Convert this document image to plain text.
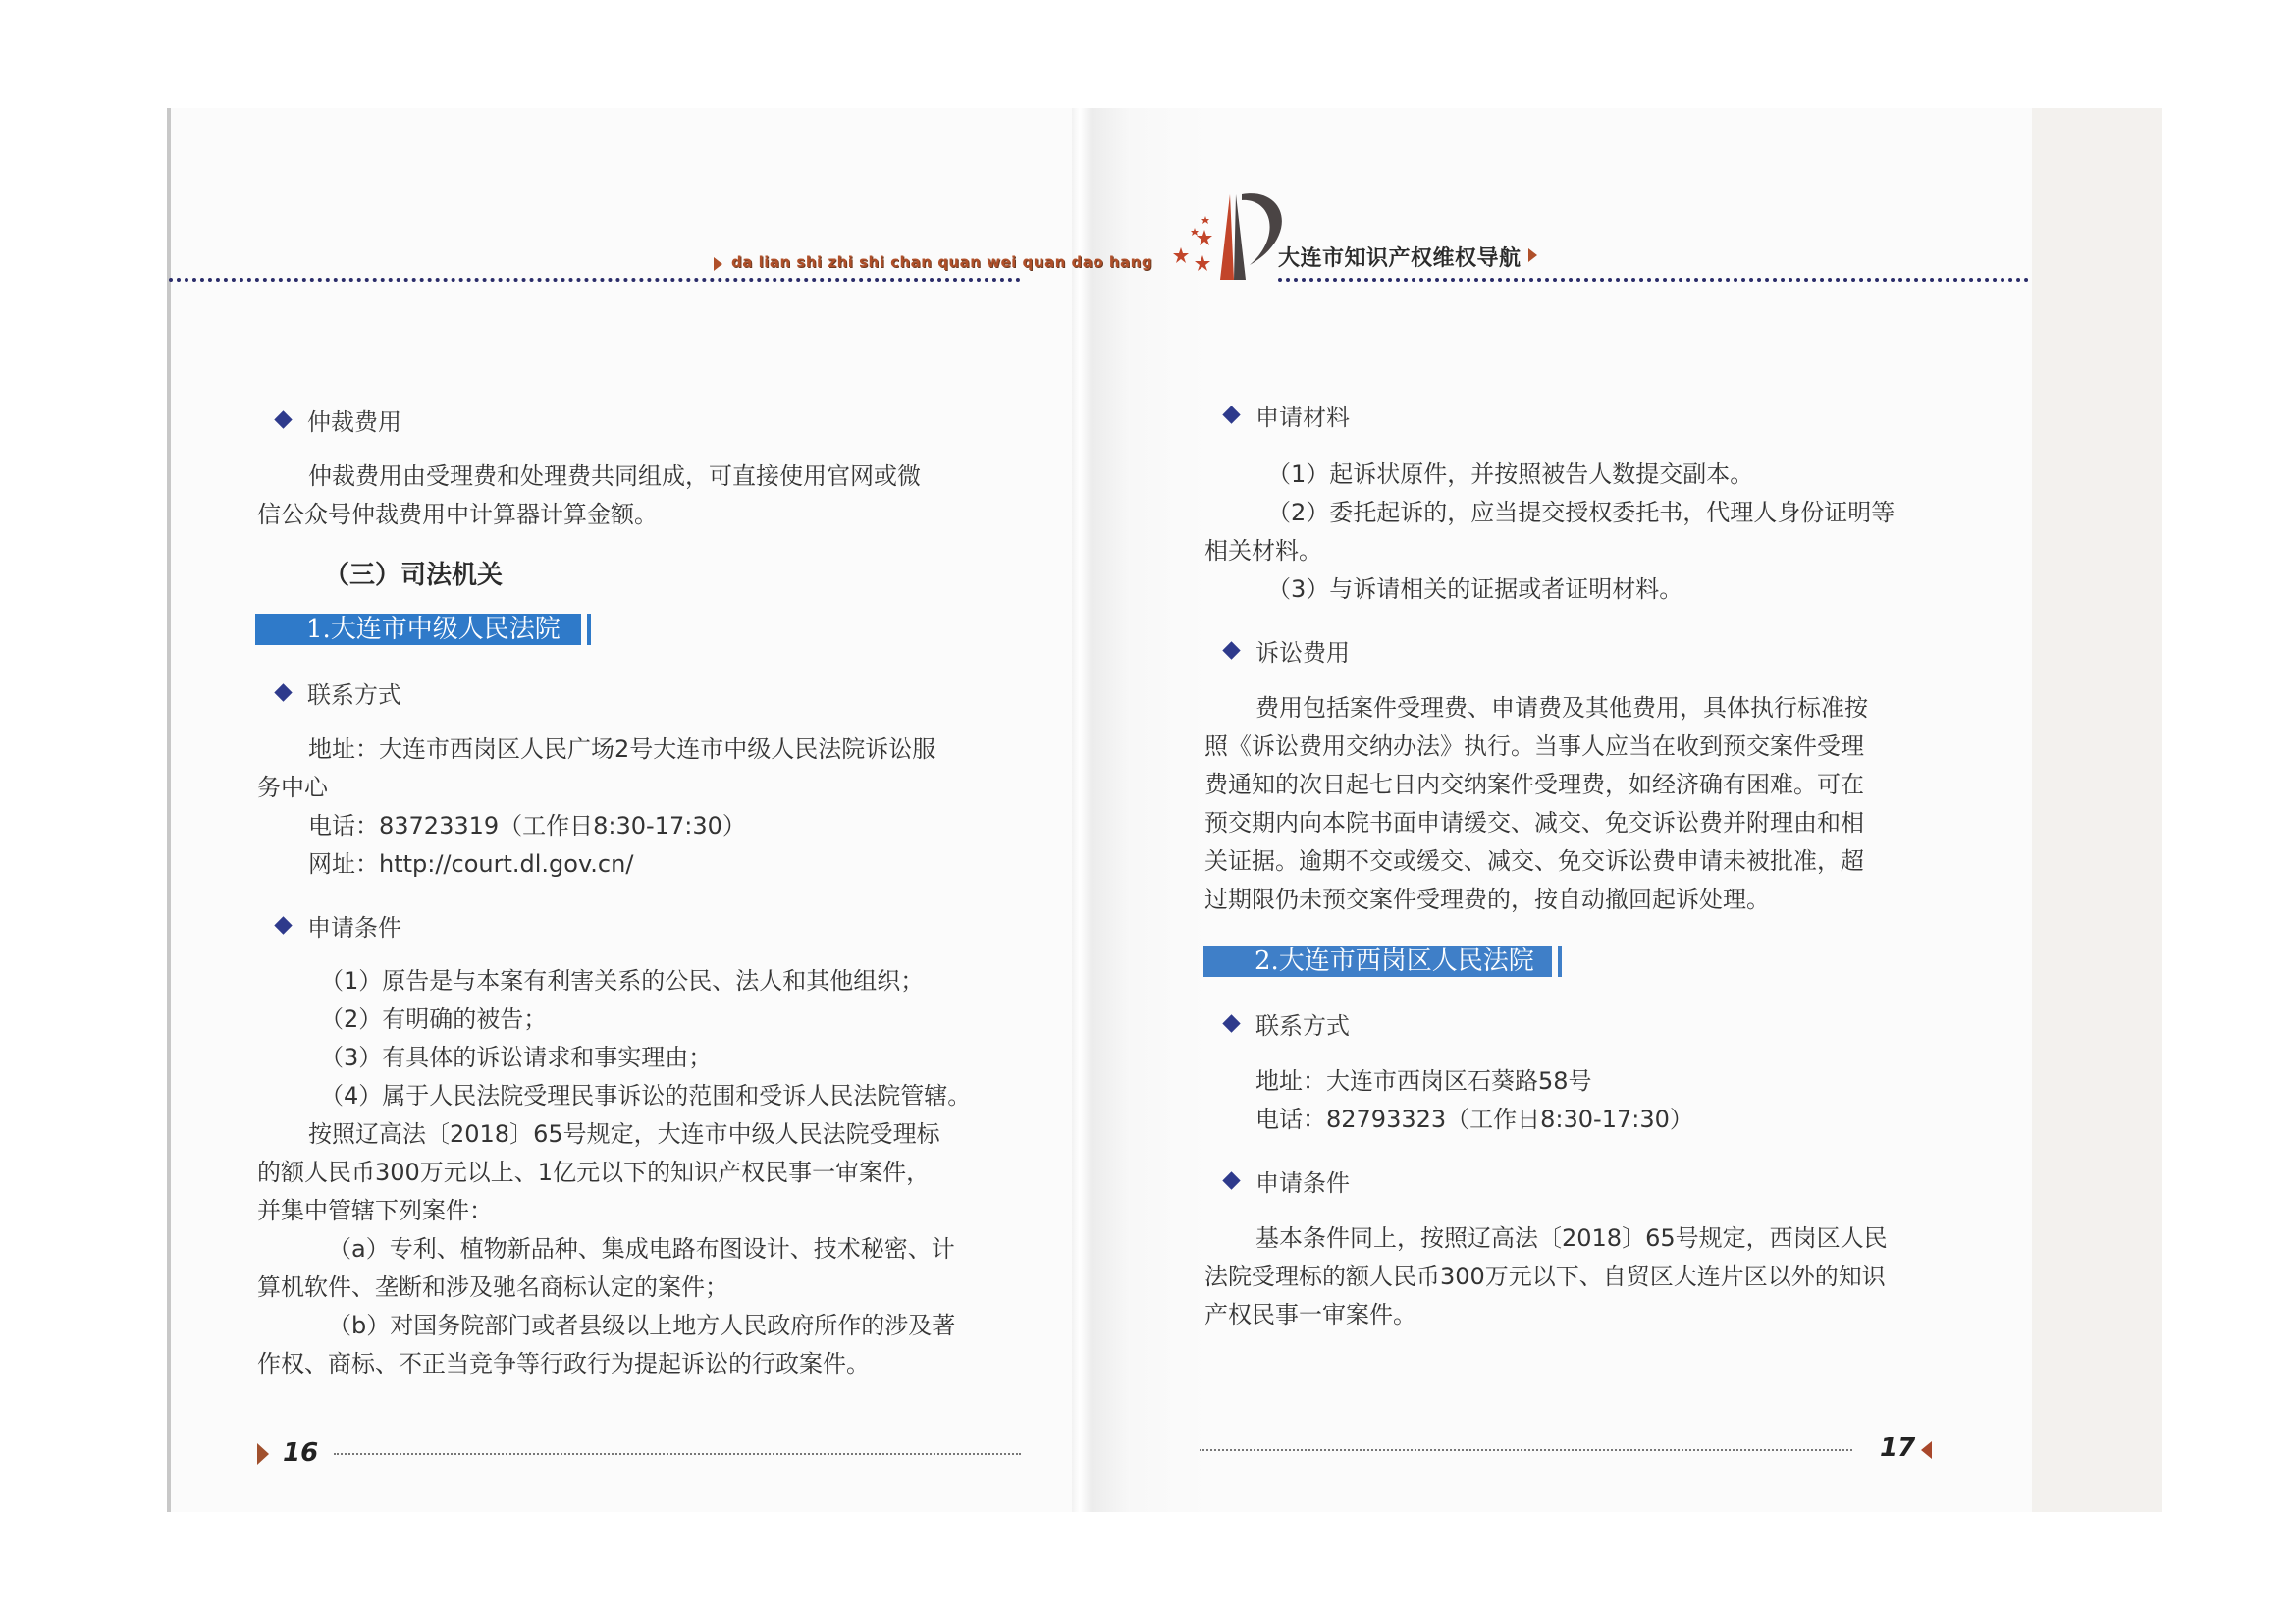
da lian shi zhi shi chan quan wei quan dao hang	大连市知识产权维权导航
仲裁费用
仲裁费用由受理费和处理费共同组成，可直接使用官网或微
信公众号仲裁费用中计算器计算金额。
（三）司法机关
1.大连市中级人民法院
联系方式
地址：大连市西岗区人民广场2号大连市中级人民法院诉讼服
务中心
电话：83723319（工作日8:30-17:30）
网址：http://court.dl.gov.cn/
申请条件
（1）原告是与本案有利害关系的公民、法人和其他组织；
（2）有明确的被告；
（3）有具体的诉讼请求和事实理由；
（4）属于人民法院受理民事诉讼的范围和受诉人民法院管辖。
按照辽高法〔2018〕65号规定，大连市中级人民法院受理标
的额人民币300万元以上、1亿元以下的知识产权民事一审案件，
并集中管辖下列案件：
（a）专利、植物新品种、集成电路布图设计、技术秘密、计
算机软件、垄断和涉及驰名商标认定的案件；
（b）对国务院部门或者县级以上地方人民政府所作的涉及著
作权、商标、不正当竞争等行政行为提起诉讼的行政案件。
16
申请材料
（1）起诉状原件，并按照被告人数提交副本。
（2）委托起诉的，应当提交授权委托书，代理人身份证明等
相关材料。
（3）与诉请相关的证据或者证明材料。
诉讼费用
费用包括案件受理费、申请费及其他费用，具体执行标准按
照《诉讼费用交纳办法》执行。当事人应当在收到预交案件受理
费通知的次日起七日内交纳案件受理费，如经济确有困难。可在
预交期内向本院书面申请缓交、减交、免交诉讼费并附理由和相
关证据。逾期不交或缓交、减交、免交诉讼费申请未被批准，超
过期限仍未预交案件受理费的，按自动撤回起诉处理。
2.大连市西岗区人民法院
联系方式
地址：大连市西岗区石葵路58号
电话：82793323（工作日8:30-17:30）
申请条件
基本条件同上，按照辽高法〔2018〕65号规定，西岗区人民
法院受理标的额人民币300万元以下、自贸区大连片区以外的知识
产权民事一审案件。
17
